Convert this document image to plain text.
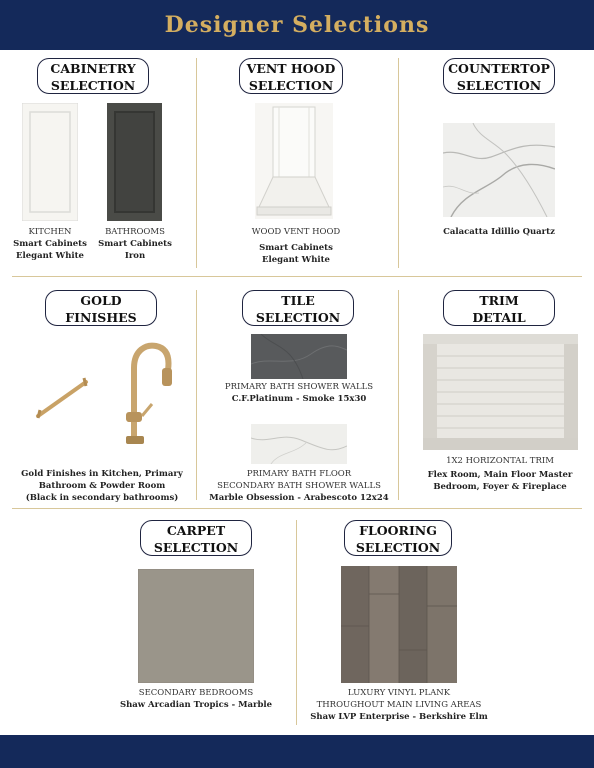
Designer Selections
CABINETRY
SELECTION
KITCHEN
Smart Cabinets
Elegant White
BATHROOMS
Smart Cabinets
Iron
VENT HOOD
SELECTION
WOOD VENT HOOD
Smart Cabinets
Elegant White
COUNTERTOP
SELECTION
Calacatta Idillio Quartz
GOLD
FINISHES
Gold Finishes in Kitchen, Primary
Bathroom & Powder Room
(Black in secondary bathrooms)
TILE
SELECTION
PRIMARY BATH SHOWER WALLS
C.F.Platinum - Smoke 15x30
PRIMARY BATH FLOOR
SECONDARY BATH SHOWER WALLS
Marble Obsession - Arabescoto 12x24
TRIM
DETAIL
1X2 HORIZONTAL TRIM
Flex Room, Main Floor Master
Bedroom, Foyer & Fireplace
CARPET
SELECTION
SECONDARY BEDROOMS
Shaw Arcadian Tropics - Marble
FLOORING
SELECTION
LUXURY VINYL PLANK
THROUGHOUT MAIN LIVING AREAS
Shaw LVP Enterprise - Berkshire Elm
